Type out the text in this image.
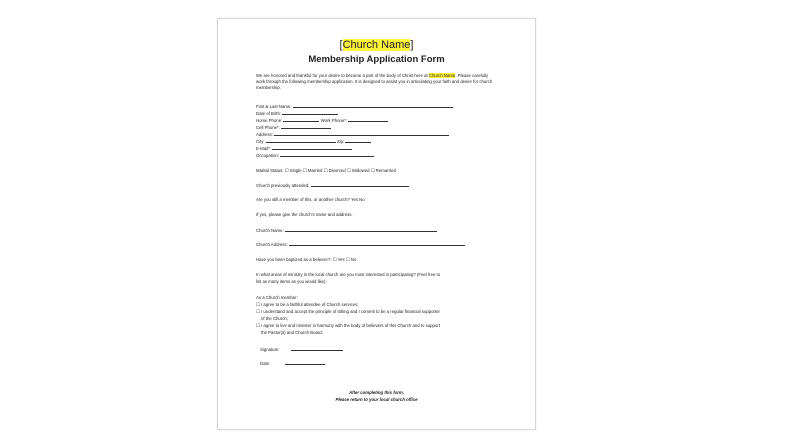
[Church Name]
Membership Application Form
We are honored and thankful for your desire to become a part of the body of Christ here at Church Name. Please carefully work through the following membership application. It is designed to assist you in articulating your faith and desire for church membership.
First & Last Name:
Date of Birth:
Home Phone:	Work Phone*:
Cell Phone*:
Address:
City:	Zip:
E-Mail*:
Occupation:
Marital Status: ☐ Single ☐ Married ☐ Divorced ☐ Widowed ☐ Remarried
Church previously attended:
Are you still a member of this, or another church? Yes No
If yes, please give the church's name and address.
Church Name:
Church Address:
Have you been baptized as a believer?: ☐ Yes ☐ No
In what areas of ministry in the local church are you most interested in participating? (Feel free to
list as many items as you would like):
As a Church member:
☐ I agree to be a faithful attendee of Church services;
☐ I understand and accept the principle of tithing and I commit to be a regular financial supporter
of the Church;
☐ I agree to live and minister in harmony with the body of believers of this Church and to support
the Pastor(s) and Church Board;
Signature:
Date:
After completing this form,
Please return to your local church office
